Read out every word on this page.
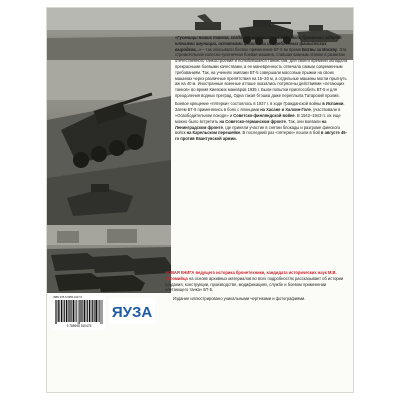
«Гусеницы наших танков, когда они вернулись из боя, были буквально забиты клочьями амуниции, остатками физически истребленных фашистских выродков...» – так описывали боевое применение БТ-5 во время Битвы за Москву. Эта стремительная колесно-гусеничная боевая машина, ставшая важным этапом в развитии отечественного танкостроения и полюбившаяся танкистам, для своего времени обладала прекрасными боевыми качествами, а ее маневренность отвечала самым современным требованиям. Так, на учениях экипажи БТ-5 совершали массовые прыжки на своих машинах через различные препятствия на 15–20 м, а отдельные машины могли прыгнуть аж на 40 м. Иностранные военные атташе оказались потрясены действиями «летающих танков» во время Киевских маневров 1935 г. Были попытки приспособить БТ-5 и для преодоления водных преград. Одна такая бтэшка даже переплыла Татарский пролив.

Боевое крещение «пятерки» состоялось в 1937 г. в ходе Гражданской войны в Испании. Затем БТ-5 применялись в боях с японцами на Хасане и Халхин-Голе, участвовали в «Освободительном походе» и Советско-финляндской войне. В 1942–1943 гг. их еще можно было встретить на Советско-германском фронте. Так, они воевали на Ленинградском фронте, где приняли участие в снятии блокады и разгроме финского войск на Карельском перешейке. В последний раз «пятерки» пошли в бой в августе 45-го против Квантунской армии.

НОВАЯ КНИГА ведущего историка бронетехники, кандидата исторических наук М.В. Коломийца на основе архивных материалов во всех подробностях рассказывает об истории создания, конструкции, производстве, модификациях, службе и боевом применении «летающего танка» БТ-5.

Издание иллюстрировано уникальными чертежами и фотографиями.

ISBN 978-5-9955-1047-5
9 785995 510475
ЯУЗА
